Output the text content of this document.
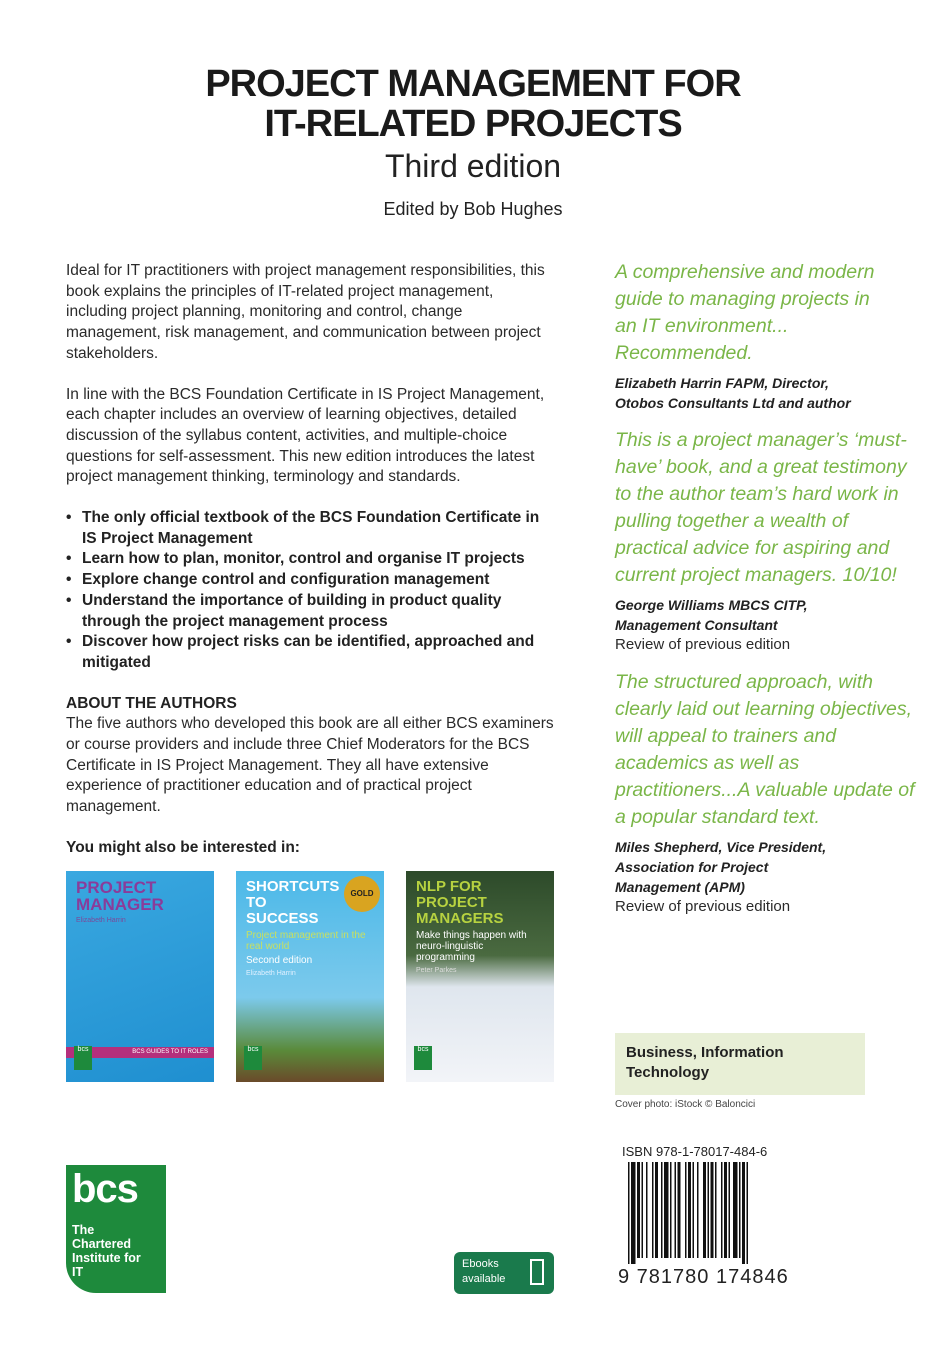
PROJECT MANAGEMENT FOR
IT-RELATED PROJECTS
Third edition
Edited by Bob Hughes

Ideal for IT practitioners with project management responsibilities, this book explains the principles of IT-related project management, including project planning, monitoring and control, change management, risk management, and communication between project stakeholders.

In line with the BCS Foundation Certificate in IS Project Management, each chapter includes an overview of learning objectives, detailed discussion of the syllabus content, activities, and multiple-choice questions for self-assessment. This new edition introduces the latest project management thinking, terminology and standards.

• The only official textbook of the BCS Foundation Certificate in IS Project Management
• Learn how to plan, monitor, control and organise IT projects
• Explore change control and configuration management
• Understand the importance of building in product quality through the project management process
• Discover how project risks can be identified, approached and mitigated
ABOUT THE AUTHORS

The five authors who developed this book are all either BCS examiners or course providers and include three Chief Moderators for the BCS Certificate in IS Project Management. They all have extensive experience of practitioner education and of practical project management.

You might also be interested in:
PROJECT MANAGER
Elizabeth Harrin
BCS GUIDES TO IT ROLES
bcs
SHORTCUTS TO SUCCESS
Project management in the real world
Second edition
Elizabeth Harrin
GOLD
bcs
NLP FOR PROJECT MANAGERS
Make things happen with neuro-linguistic programming
Peter Parkes
bcs
A comprehensive and modern guide to managing projects in an IT environment... Recommended.
Elizabeth Harrin FAPM, Director, Otobos Consultants Ltd and author
This is a project manager’s ‘must-have’ book, and a great testimony to the author team’s hard work in pulling together a wealth of practical advice for aspiring and current project managers. 10/10!
George Williams MBCS CITP, Management Consultant
Review of previous edition
The structured approach, with clearly laid out learning objectives, will appeal to trainers and academics as well as practitioners...A valuable update of a popular standard text.
Miles Shepherd, Vice President, Association for Project Management (APM)
Review of previous edition
Business, Information Technology
Cover photo: iStock © Baloncici
ISBN 978-1-78017-484-6
9 781780 174846
bcs
The Chartered Institute for IT
Ebooks available
